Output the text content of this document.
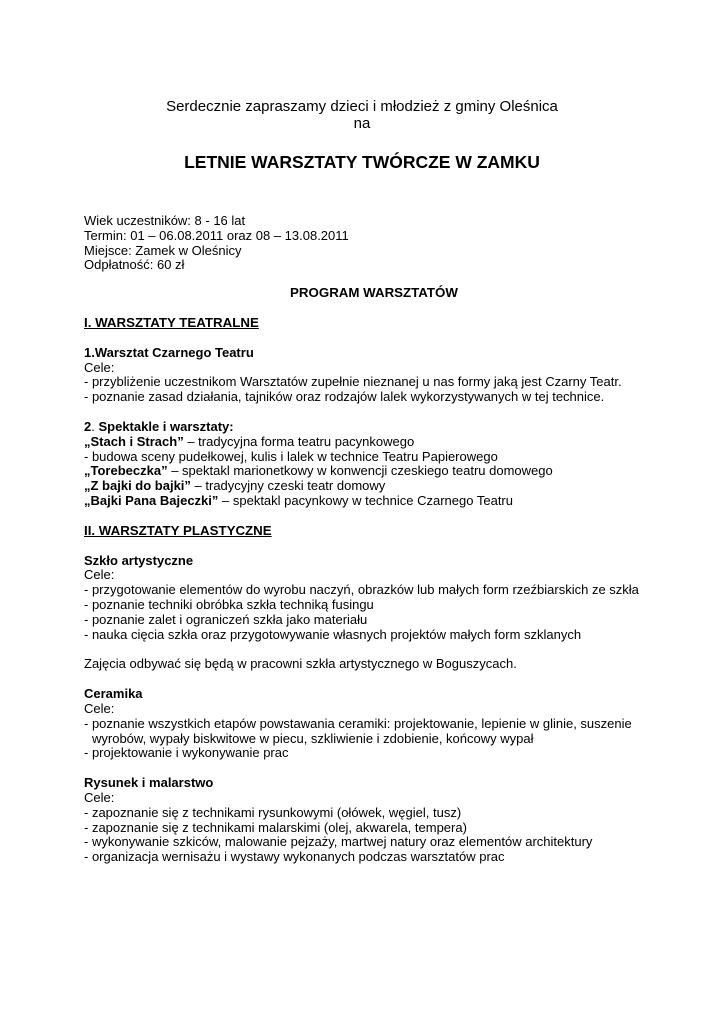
Serdecznie zapraszamy dzieci i młodzież z gminy Oleśnica
na
LETNIE WARSZTATY TWÓRCZE W ZAMKU

Wiek uczestników: 8 - 16 lat

Termin: 01 – 06.08.2011 oraz 08 – 13.08.2011

Miejsce: Zamek w Oleśnicy

Odpłatność: 60 zł

PROGRAM WARSZTATÓW

I. WARSZTATY TEATRALNE

1.Warsztat Czarnego Teatru

Cele:

- przybliżenie uczestnikom Warsztatów zupełnie nieznanej u nas formy jaką jest Czarny Teatr.

- poznanie zasad działania, tajników oraz rodzajów lalek wykorzystywanych w tej technice.

2. Spektakle i warsztaty:

„Stach i Strach” – tradycyjna forma teatru pacynkowego

- budowa sceny pudełkowej, kulis i lalek w technice Teatru Papierowego

„Torebeczka” – spektakl marionetkowy w konwencji czeskiego teatru domowego

„Z bajki do bajki” – tradycyjny czeski teatr domowy

„Bajki Pana Bajeczki” – spektakl pacynkowy w technice Czarnego Teatru

II. WARSZTATY PLASTYCZNE

Szkło artystyczne

Cele:

- przygotowanie elementów do wyrobu naczyń, obrazków lub małych form rzeźbiarskich ze szkła

- poznanie techniki obróbka szkła techniką fusingu

- poznanie zalet i ograniczeń szkła jako materiału

- nauka cięcia szkła oraz przygotowywanie własnych projektów małych form szklanych

Zajęcia odbywać się będą w pracowni szkła artystycznego w Boguszycach.

Ceramika

Cele:

- poznanie wszystkich etapów powstawania ceramiki: projektowanie, lepienie w glinie, suszenie

wyrobów, wypały biskwitowe w piecu, szkliwienie i zdobienie, końcowy wypał

- projektowanie i wykonywanie prac

Rysunek i malarstwo

Cele:

- zapoznanie się z technikami rysunkowymi (ołówek, węgiel, tusz)

- zapoznanie się z technikami malarskimi (olej, akwarela, tempera)

- wykonywanie szkiców, malowanie pejzaży, martwej natury oraz elementów architektury

- organizacja wernisażu i wystawy wykonanych podczas warsztatów prac
